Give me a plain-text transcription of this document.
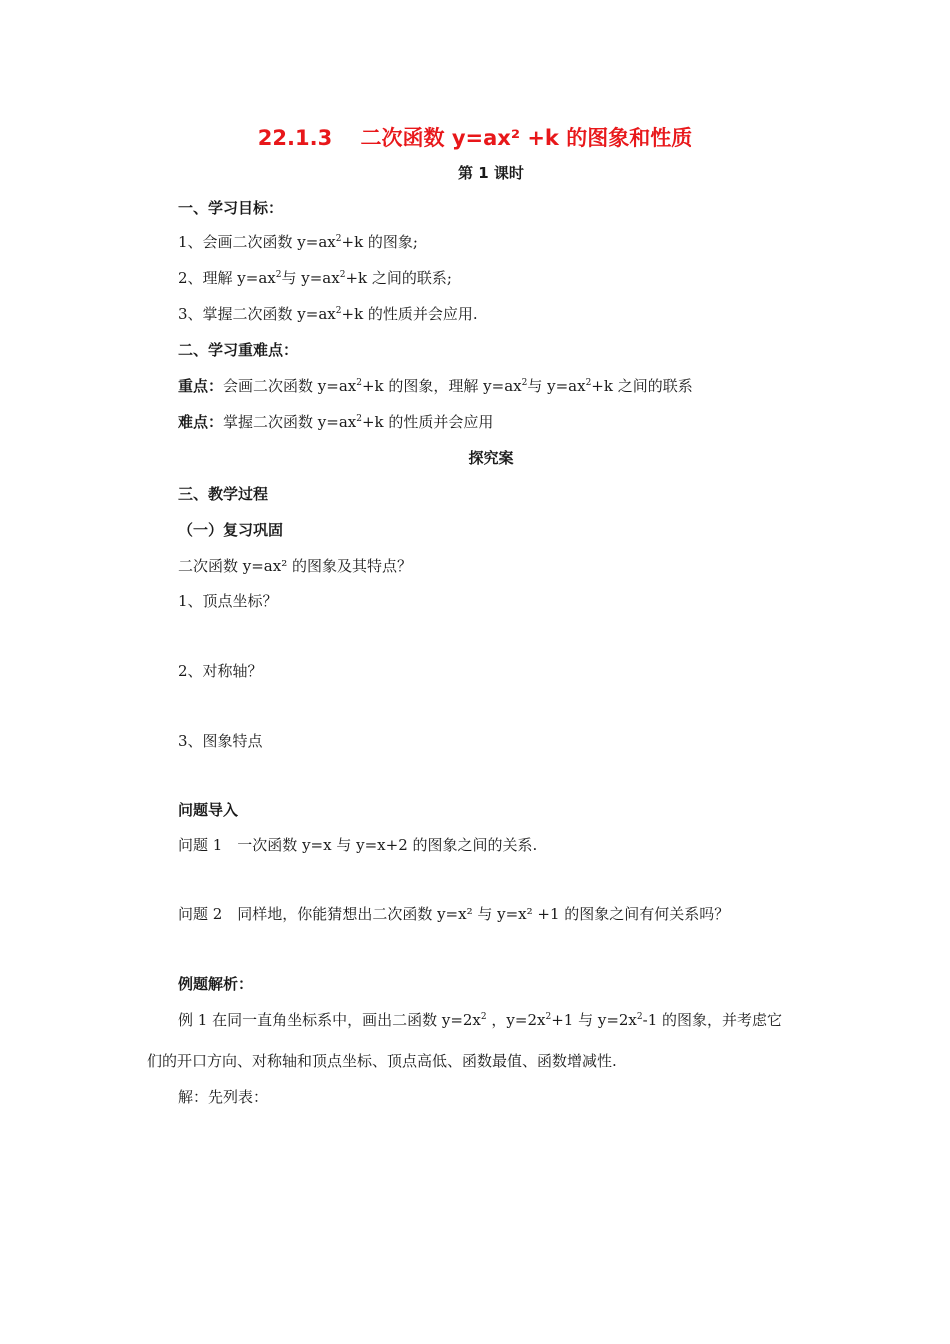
22.1.3　 二次函数 y=ax² +k 的图象和性质
第 1 课时
一、学习目标：
1、会画二次函数 $y=ax^2+k$ 的图象;
2、理解 $y=ax^2$与 $y=ax^2+k$ 之间的联系;
3、掌握二次函数 $y=ax^2+k$ 的性质并会应用.
二、学习重难点：
重点：会画二次函数 $y=ax^2+k$ 的图象，理解 $y=ax^2$与 $y=ax^2+k$ 之间的联系
难点：掌握二次函数 $y=ax^2+k$ 的性质并会应用
探究案
三、教学过程
（一）复习巩固
二次函数 y=ax² 的图象及其特点？
1、顶点坐标？
2、对称轴？
3、图象特点
问题导入
问题 1　一次函数 y=x 与 y=x+2 的图象之间的关系.
问题 2　同样地，你能猜想出二次函数 y=x² 与 y=x² +1 的图象之间有何关系吗？
例题解析：
例 1 在同一直角坐标系中，画出二函数 $y=2x^2$ ，$y=2x^2+1$ 与 $y=2x^2-1$ 的图象，并考虑它
们的开口方向、对称轴和顶点坐标、顶点高低、函数最值、函数增减性.
解：先列表：
